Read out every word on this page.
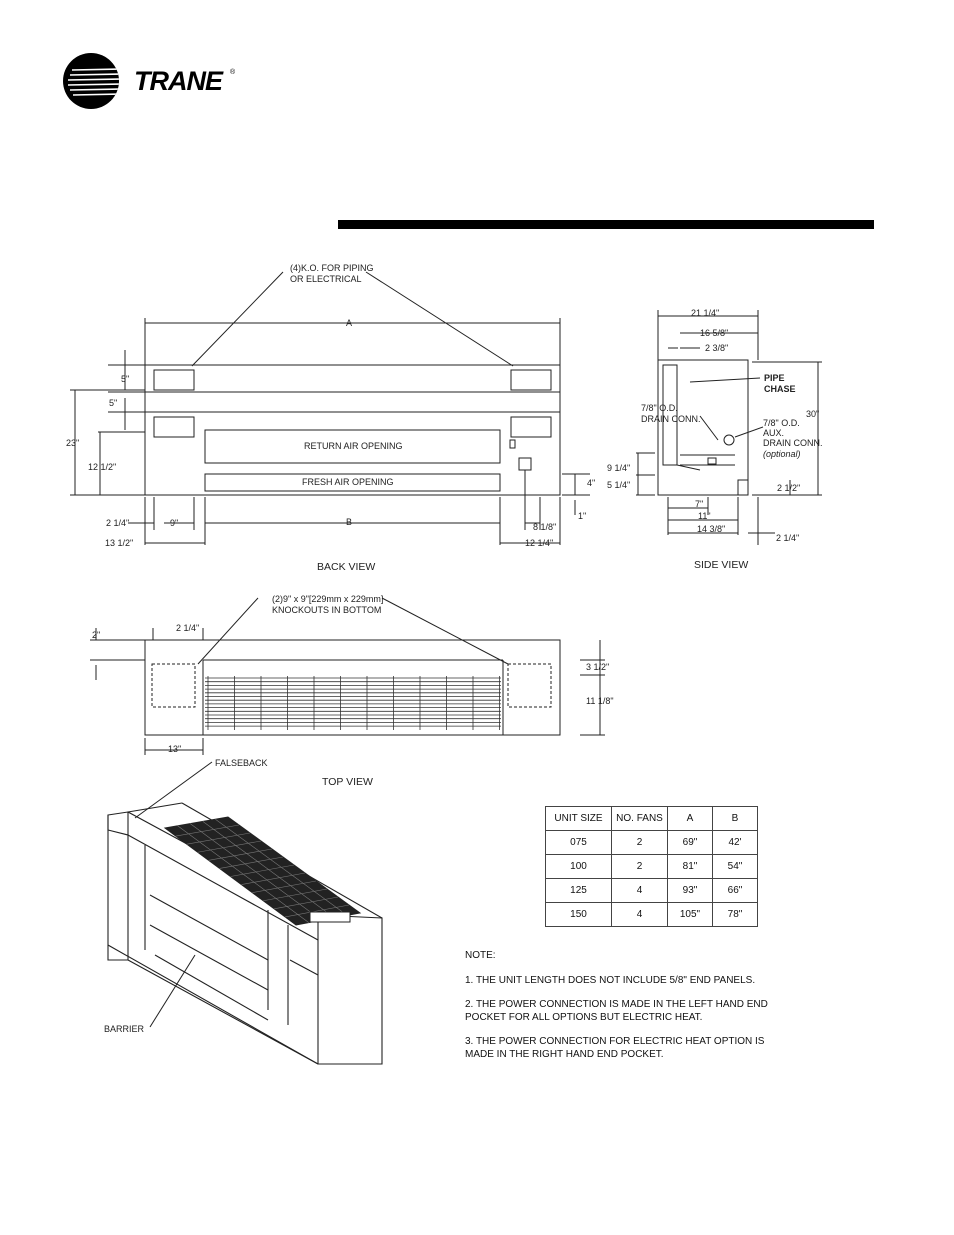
TRANE ®
(4)K.O. FOR PIPING
OR ELECTRICAL
A
RETURN AIR OPENING
FRESH AIR OPENING
5"
5"
23"
12 1/2"
2 1/4"	9"	B
13 1/2"
4"
1"
8 1/8"
12 1/4"
21 1/4"
16 5/8"
2 3/8"
PIPE
CHASE
30"
7/8" O.D.
DRAIN CONN.	7/8" O.D.
AUX.
DRAIN CONN.
(optional)
9 1/4"
5 1/4"	2 1/2"
7"
11"
14 3/8"
2 1/4"
(2)9" x 9"[229mm x 229mm]
KNOCKOUTS IN BOTTOM
2"
2 1/4"
3 1/2"
11 1/8"
13"
FALSEBACK
BARRIER
BACK VIEW	SIDE VIEW
TOP VIEW
UNIT SIZE	NO. FANS	A	B
075	2	69"	42'
100	2	81"	54"
125	4	93"	66"
150	4	105"	78"

NOTE:

1. THE UNIT LENGTH DOES NOT INCLUDE 5/8" END PANELS.

2. THE POWER CONNECTION IS MADE IN THE LEFT HAND END POCKET FOR ALL OPTIONS BUT ELECTRIC HEAT.

3. THE POWER CONNECTION FOR ELECTRIC HEAT OPTION IS MADE IN THE RIGHT HAND END POCKET.
